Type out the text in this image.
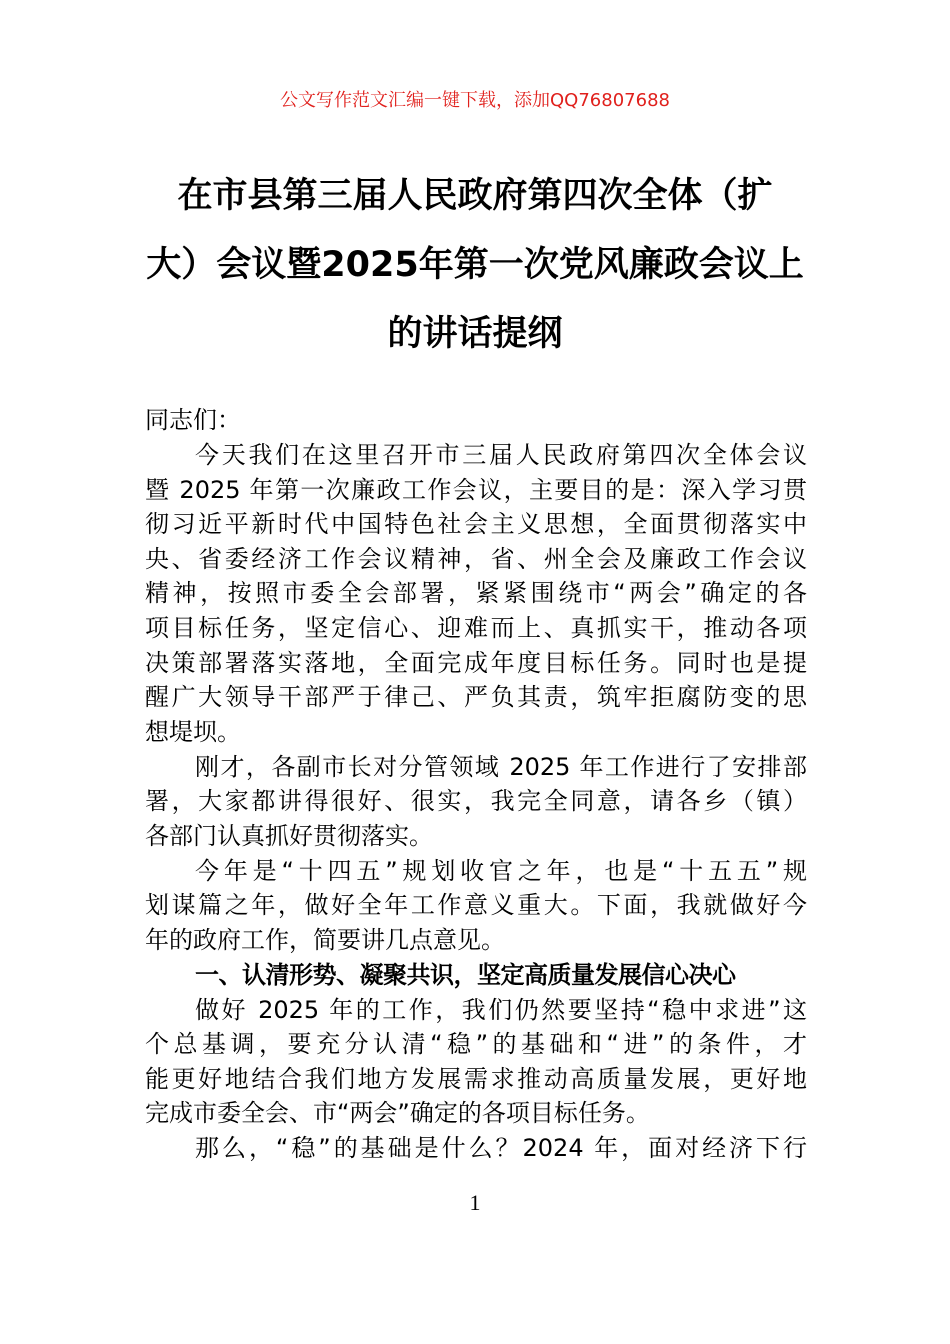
公文写作范文汇编一键下载，添加QQ76807688
在市县第三届人民政府第四次全体（扩
大）会议暨2025年第一次党风廉政会议上
的讲话提纲
同志们：
今天我们在这里召开市三届人民政府第四次全体会议
暨 2025 年第一次廉政工作会议，主要目的是：深入学习贯
彻习近平新时代中国特色社会主义思想，全面贯彻落实中
央、省委经济工作会议精神，省、州全会及廉政工作会议
精神，按照市委全会部署，紧紧围绕市“两会”确定的各
项目标任务，坚定信心、迎难而上、真抓实干，推动各项
决策部署落实落地，全面完成年度目标任务。同时也是提
醒广大领导干部严于律己、严负其责，筑牢拒腐防变的思
想堤坝。
刚才，各副市长对分管领域 2025 年工作进行了安排部
署，大家都讲得很好、很实，我完全同意，请各乡（镇）
各部门认真抓好贯彻落实。
今年是“十四五”规划收官之年，也是“十五五”规
划谋篇之年，做好全年工作意义重大。下面，我就做好今
年的政府工作，简要讲几点意见。
一、认清形势、凝聚共识，坚定高质量发展信心决心
做好 2025 年的工作，我们仍然要坚持“稳中求进”这
个总基调，要充分认清“稳”的基础和“进”的条件，才
能更好地结合我们地方发展需求推动高质量发展，更好地
完成市委全会、市“两会”确定的各项目标任务。
那么，“稳”的基础是什么？2024 年，面对经济下行
1
